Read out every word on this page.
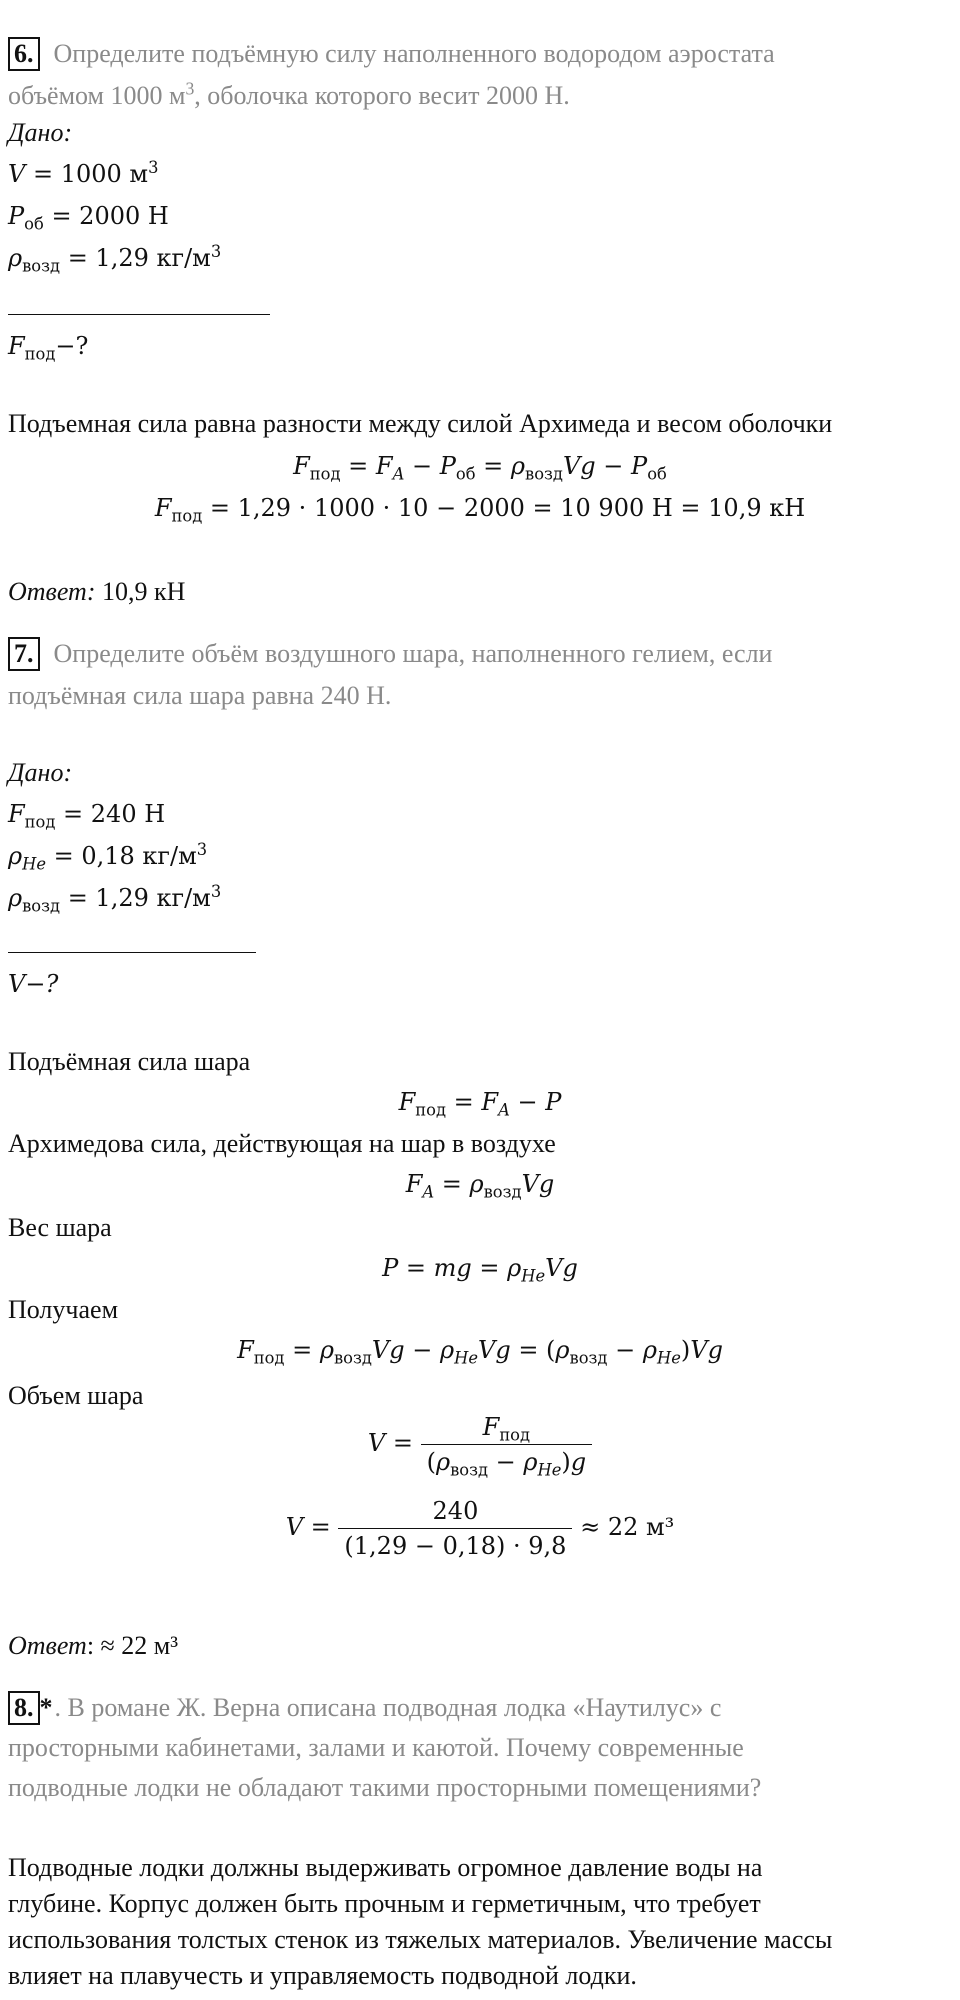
6. Определите подъёмную силу наполненного водородом аэростата
объёмом 1000 $м^3$, оболочка которого весит 2000 Н.
Дано:
V = 1000 $м^3$
$P_{об} = 2000$ Н
$\rho_{возд} = 1,29$ $кг/м^3$
$F_{под}-$?
Подъемная сила равна разности между силой Архимеда и весом оболочки
$F_{под} = F_A - P_{об} = \rho_{возд}Vg - P_{об}$
$F_{под} = 1,29 \cdot 1000 \cdot 10 - 2000 = 10$ 900 Н = 10,9 кН
Ответ: 10,9 кН
7. Определите объём воздушного шара, наполненного гелием, если
подъёмная сила шара равна 240 Н.
Дано:
$F_{под} = 240$ Н
$\rho_{He} = 0,18$ $кг/м^3$
$\rho_{возд} = 1,29$ $кг/м^3$
V−?
Подъёмная сила шара
$F_{под} = F_A - P$
Архимедова сила, действующая на шар в воздухе
$F_A = \rho_{возд}Vg$
Вес шара
P = mg = $\rho_{He}Vg$
Получаем
$F_{под} = \rho_{возд}Vg - \rho_{He}Vg = (\rho_{возд} - \rho_{He})Vg$
Объем шара
$V = \frac{F_{под}}{(\rho_{возд} - \rho_{He})g}$
$V = \frac{240}{(1,29 - 0,18) \cdot 9,8} \approx 22$ м³
Ответ: ≈ 22 м³
8. *. В романе Ж. Верна описана подводная лодка «Наутилус» с
просторными кабинетами, залами и каютой. Почему современные
подводные лодки не обладают такими просторными помещениями?
Подводные лодки должны выдерживать огромное давление воды на
глубине. Корпус должен быть прочным и герметичным, что требует
использования толстых стенок из тяжелых материалов. Увеличение массы
влияет на плавучесть и управляемость подводной лодки.
